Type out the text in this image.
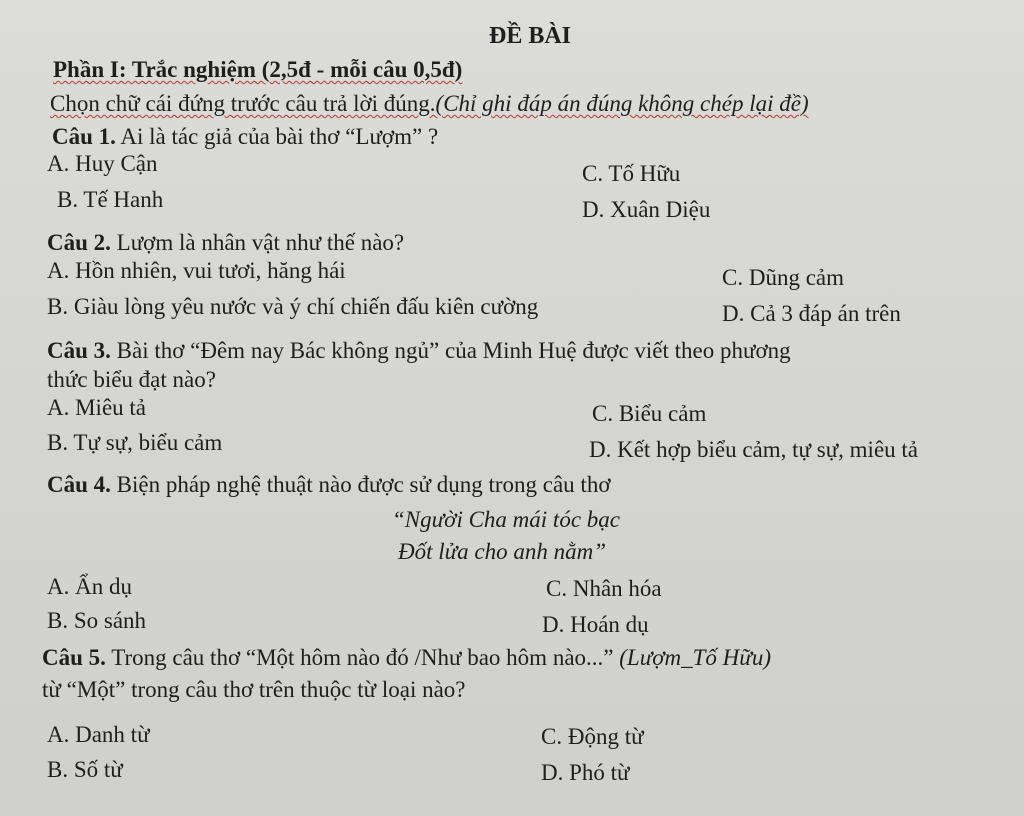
ĐỀ BÀI
Phần I: Trắc nghiệm (2,5đ - mỗi câu 0,5đ)
Chọn chữ cái đứng trước câu trả lời đúng.(Chỉ ghi đáp án đúng không chép lại đề)
Câu 1. Ai là tác giả của bài thơ “Lượm” ?
A. Huy Cận	C. Tố Hữu
B. Tế Hanh	D. Xuân Diệu
Câu 2. Lượm là nhân vật như thế nào?
A. Hồn nhiên, vui tươi, hăng hái	C. Dũng cảm
B. Giàu lòng yêu nước và ý chí chiến đấu kiên cường	D. Cả 3 đáp án trên
Câu 3. Bài thơ “Đêm nay Bác không ngủ” của Minh Huệ được viết theo phương
thức biểu đạt nào?
A. Miêu tả	C. Biểu cảm
B. Tự sự, biểu cảm	D. Kết hợp biểu cảm, tự sự, miêu tả
Câu 4. Biện pháp nghệ thuật nào được sử dụng trong câu thơ
“Người Cha mái tóc bạc
Đốt lửa cho anh nằm”
A. Ẩn dụ	C. Nhân hóa
B. So sánh	D. Hoán dụ
Câu 5. Trong câu thơ “Một hôm nào đó /Như bao hôm nào...” (Lượm_Tố Hữu)
từ “Một” trong câu thơ trên thuộc từ loại nào?
A. Danh từ	C. Động từ
B. Số từ	D. Phó từ
